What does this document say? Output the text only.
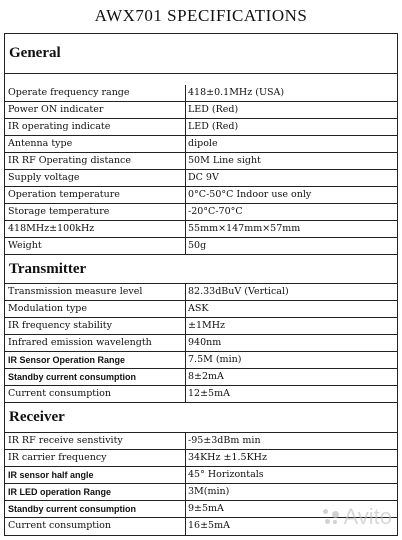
AWX701 SPECIFICATIONS
General
Operate frequency range	418±0.1MHz (USA)
Power ON indicater	LED (Red)
IR operating indicate	LED (Red)
Antenna type	dipole
IR RF Operating distance	50M Line sight
Supply voltage	DC 9V
Operation temperature	0°C-50°C Indoor use only
Storage temperature	-20°C-70°C
418MHz±100kHz	55mm×147mm×57mm
Weight	50g
Transmitter
Transmission measure level	82.33dBuV (Vertical)
Modulation type	ASK
IR frequency stability	±1MHz
Infrared emission wavelength	940nm
IR Sensor Operation Range	7.5M (min)
Standby current consumption	8±2mA
Current consumption	12±5mA
Receiver
IR RF receive senstivity	-95±3dBm min
IR carrier frequency	34KHz ±1.5KHz
IR sensor half angle	45° Horizontals
IR LED operation Range	3M(min)
Standby current consumption	9±5mA
Current consumption	16±5mA	Avito
